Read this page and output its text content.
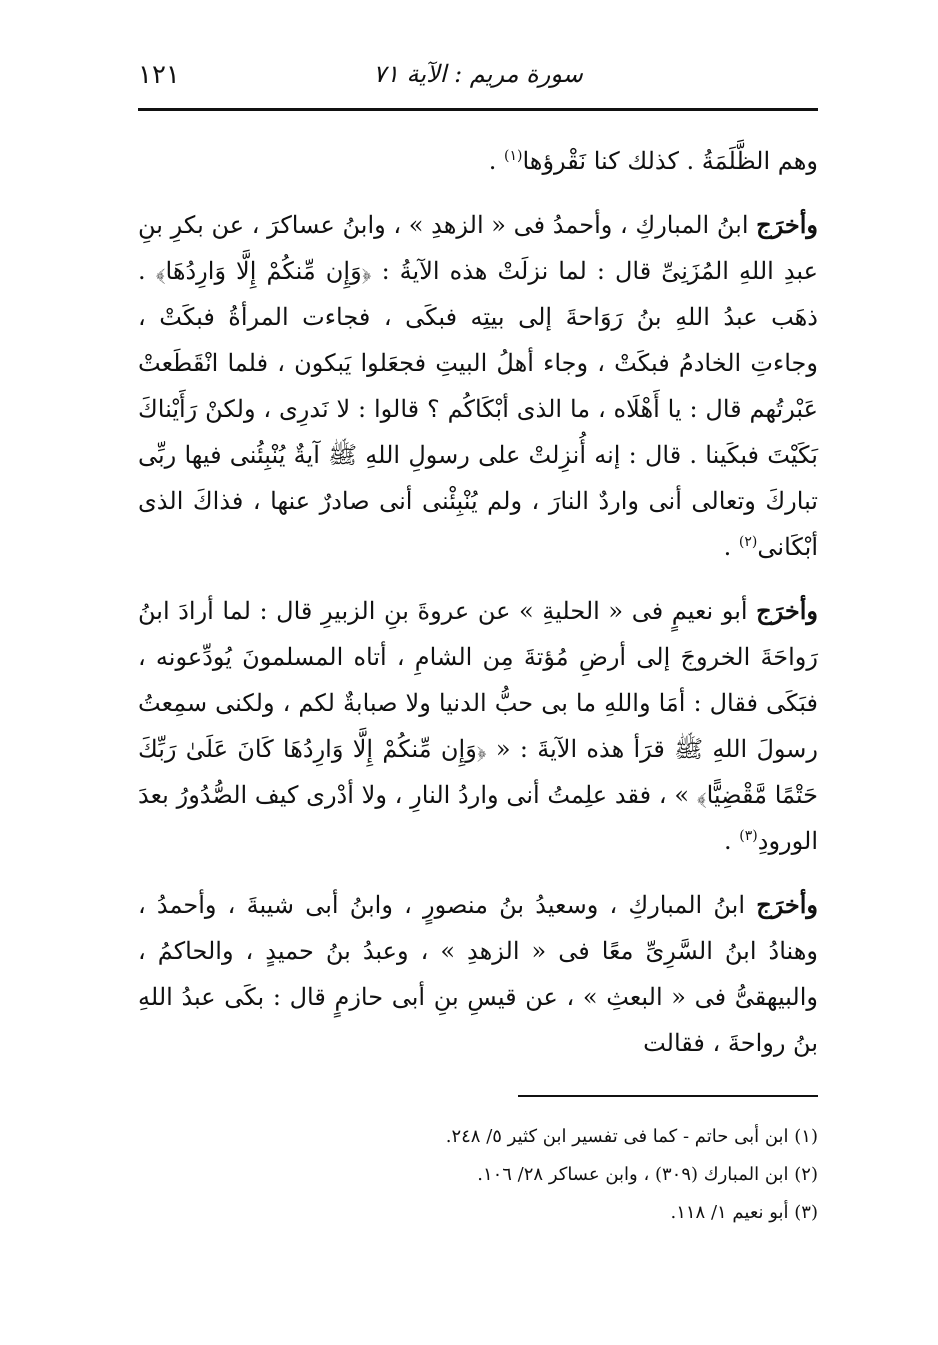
١٢١	سورة مريم : الآية ٧١

وهم الظَّلَمَةُ . كذلك كنا نَقْرؤها$^{(١)}$ .

وأخرَج ابنُ المباركِ ، وأحمدُ فى « الزهدِ » ، وابنُ عساكرَ ، عن بكرِ بنِ عبدِ اللهِ المُزَنِىِّ قال : لما نزلَتْ هذه الآيةُ : ﴿وَإِن مِّنكُمْ إِلَّا وَارِدُهَا﴾ . ذهَب عبدُ اللهِ بنُ رَوَاحةَ إلى بيتِه فبكَى ، فجاءت المرأةُ فبكَتْ ، وجاءتِ الخادمُ فبكَتْ ، وجاء أهلُ البيتِ فجعَلوا يَبكون ، فلما انْقَطَعتْ عَبْرتُهم قال : يا أَهْلَاه ، ما الذى أبْكَاكُم ؟ قالوا : لا نَدرِى ، ولكنْ رَأَيْناكَ بَكَيْتَ فبكَينا . قال : إنه أُنزِلتْ على رسولِ اللهِ ﷺ آيةٌ يُنْبِئُنى فيها ربِّى تباركَ وتعالى أنى واردٌ النارَ ، ولم يُنْبِئْنى أنى صادرٌ عنها ، فذاكَ الذى أبْكَانى$^{(٢)}$ .

وأخرَج أبو نعيمٍ فى « الحليةِ » عن عروةَ بنِ الزبيرِ قال : لما أرادَ ابنُ رَواحَةَ الخروجَ إلى أرضِ مُؤتةَ مِن الشامِ ، أتاه المسلمونَ يُودِّعونه ، فبَكَى فقال : أمَا واللهِ ما بى حبُّ الدنيا ولا صبابةٌ لكم ، ولكنى سمِعتُ رسولَ اللهِ ﷺ قرَأ هذه الآيةَ : « ﴿وَإِن مِّنكُمْ إِلَّا وَارِدُهَا كَانَ عَلَىٰ رَبِّكَ حَتْمًا مَّقْضِيًّا﴾ » ، فقد علِمتُ أنى واردُ النارِ ، ولا أدْرى كيف الصُّدُورُ بعدَ الورودِ$^{(٣)}$ .

وأخرَج ابنُ المباركِ ، وسعيدُ بنُ منصورٍ ، وابنُ أبى شيبةَ ، وأحمدُ ، وهنادُ ابنُ السَّرِىِّ معًا فى « الزهدِ » ، وعبدُ بنُ حميدٍ ، والحاكمُ ، والبيهقىُّ فى « البعثِ » ، عن قيسِ بنِ أبى حازمٍ قال : بكَى عبدُ اللهِ بنُ رواحةَ ، فقالت

(١) ابن أبى حاتم - كما فى تفسير ابن كثير ٥/ ٢٤٨.

(٢) ابن المبارك (٣٠٩) ، وابن عساكر ٢٨/ ١٠٦.

(٣) أبو نعيم ١/ ١١٨.
